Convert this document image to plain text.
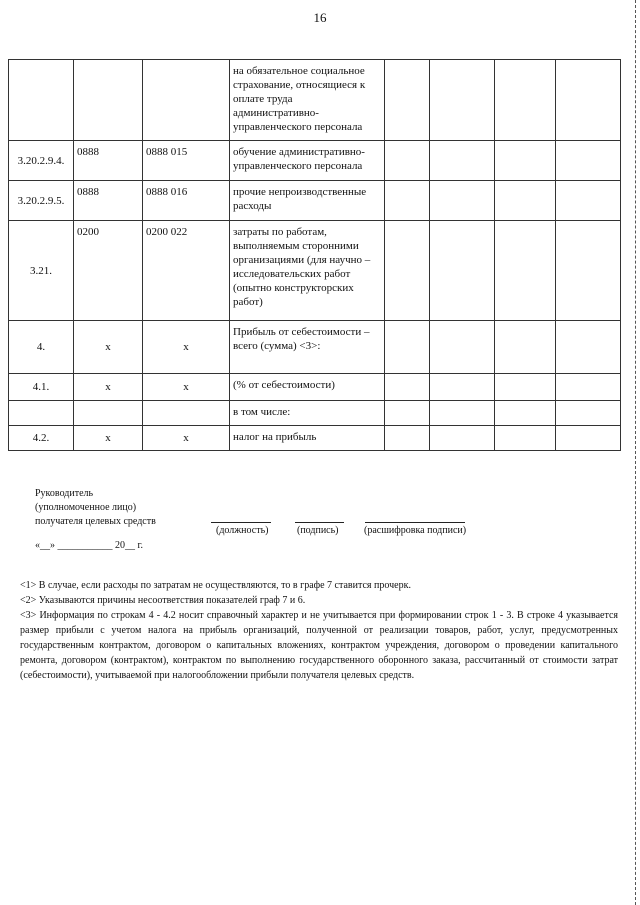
16
			на обязательное социальное страхование, относящиеся к оплате труда административно-управленческого персонала				
3.20.2.9.4.	0888	0888 015	обучение административно-управленческого персонала				
3.20.2.9.5.	0888	0888 016	прочие непроизводственные расходы				
3.21.	0200	0200 022	затраты по работам, выполняемым сторонними организациями (для научно – исследовательских работ (опытно конструкторских работ)				
4.	x	x	Прибыль от себестоимости – всего (сумма) <3>:				
4.1.	x	x	(% от себестоимости)				
			в том числе:				
4.2.	x	x	налог на прибыль				
Руководитель
(уполномоченное лицо)
получателя целевых средств
(должность)	(подпись)	(расшифровка подписи)
«__» ___________ 20__ г.

<1> В случае, если расходы по затратам не осуществляются, то в графе 7 ставится прочерк.

<2> Указываются причины несоответствия показателей граф 7 и 6.

<3> Информация по строкам 4 - 4.2 носит справочный характер и не учитывается при формировании строк 1 - 3. В строке 4 указывается размер прибыли с учетом налога на прибыль организаций, полученной от реализации товаров, работ, услуг, предусмотренных государственным контрактом, договором о капитальных вложениях, контрактом учреждения, договором о проведении капитального ремонта, договором (контрактом), контрактом по выполнению государственного оборонного заказа, рассчитанный от стоимости затрат (себестоимости), учитываемой при налогообложении прибыли получателя целевых средств.
